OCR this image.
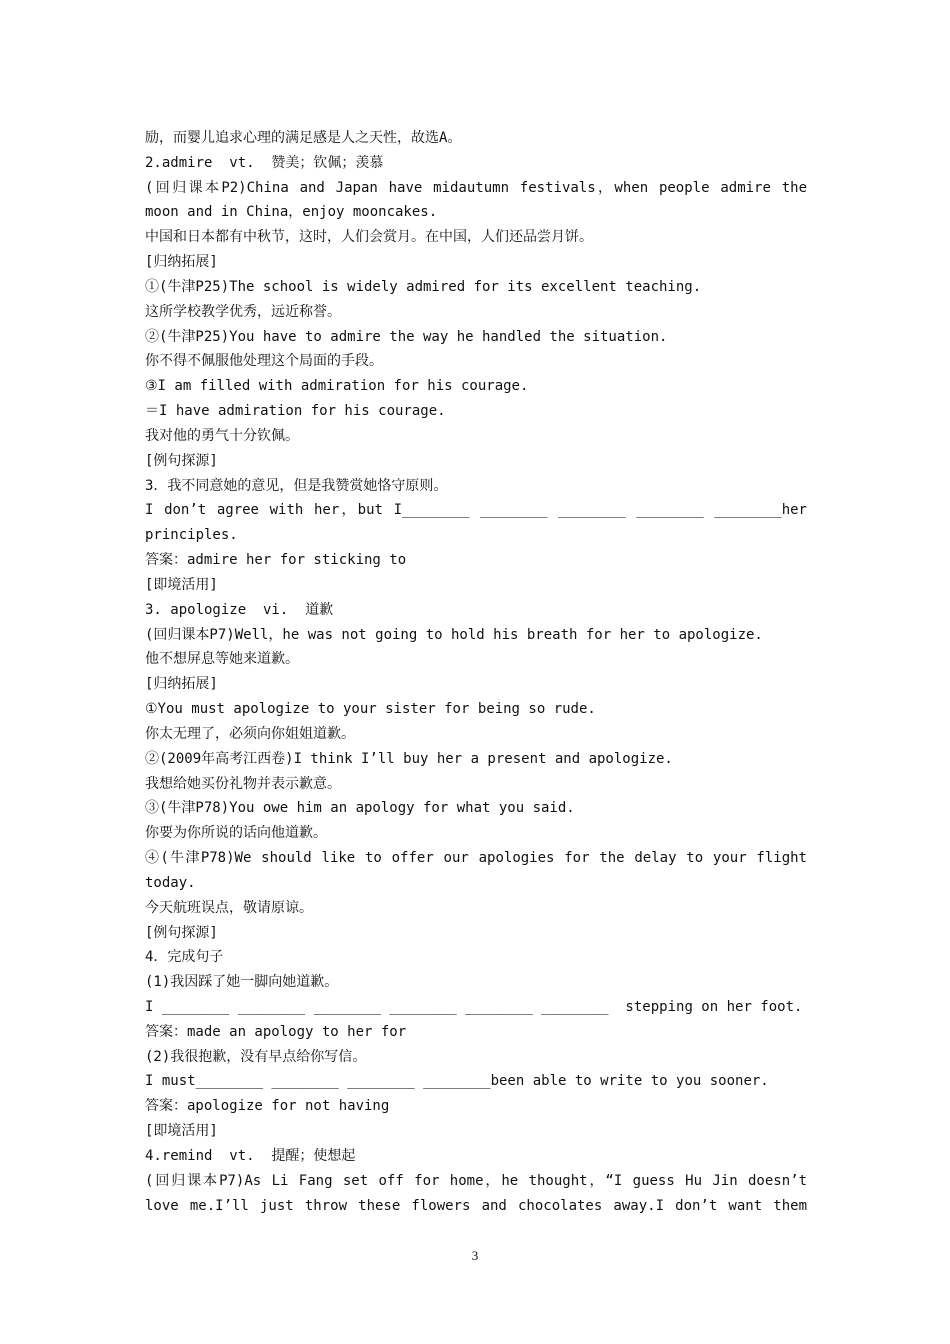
励，而婴儿追求心理的满足感是人之天性，故选A。
2.admire  vt.  赞美；钦佩；羡慕
(回归课本P2)China and Japan have midautumn festivals，when people admire the
moon and in China，enjoy mooncakes.
中国和日本都有中秋节，这时，人们会赏月。在中国，人们还品尝月饼。
[归纳拓展]
①(牛津P25)The school is widely admired for its excellent teaching.
这所学校教学优秀，远近称誉。
②(牛津P25)You have to admire the way he handled the situation.
你不得不佩服他处理这个局面的手段。
③I am filled with admiration for his courage.
＝I have admiration for his courage.
我对他的勇气十分钦佩。
[例句探源]
3．我不同意她的意见，但是我赞赏她恪守原则。
I don’t agree with her，but I________ ________ ________ ________ ________her
principles.
答案：admire her for sticking to
[即境活用]
3. apologize  vi.  道歉
(回归课本P7)Well，he was not going to hold his breath for her to apologize.
他不想屏息等她来道歉。
[归纳拓展]
①You must apologize to your sister for being so rude.
你太无理了，必须向你姐姐道歉。
②(2009年高考江西卷)I think I’ll buy her a present and apologize.
我想给她买份礼物并表示歉意。
③(牛津P78)You owe him an apology for what you said.
你要为你所说的话向他道歉。
④(牛津P78)We should like to offer our apologies for the delay to your flight
today.
今天航班误点，敬请原谅。
[例句探源]
4．完成句子
(1)我因踩了她一脚向她道歉。
I ________ ________ ________ ________ ________ ________  stepping on her foot.
答案：made an apology to her for
(2)我很抱歉，没有早点给你写信。
I must________ ________ ________ ________been able to write to you sooner.
答案：apologize for not having
[即境活用]
4.remind  vt.  提醒；使想起
(回归课本P7)As Li Fang set off for home，he thought，“I guess Hu Jin doesn’t
love me.I’ll just throw these flowers and chocolates away.I don’t want them
3
